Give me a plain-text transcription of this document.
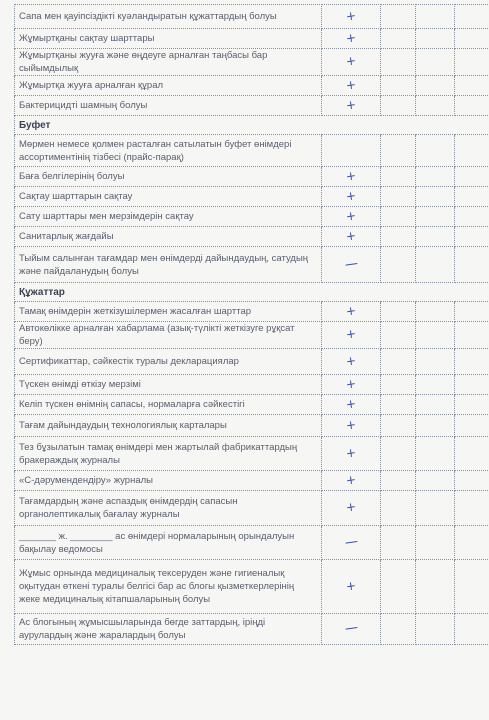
Сапа мен қауіпсіздікті куәландыратын құжаттардың болуы	+			
Жұмыртқаны сақтау шарттары	+			
Жұмыртқаны жууға және өңдеуге арналған таңбасы бар сыйымдылық	+			
Жұмыртқа жууға арналған құрал	+			
Бактерицидті шамның болуы	+			
Буфет				
Мөрмен немесе қолмен расталған сатылатын буфет өнімдері ассортиментінің тізбесі (прайс-парақ)				
Баға белгілерінің болуы	+			
Сақтау шарттарын сақтау	+			
Сату шарттары мен мерзімдерін сақтау	+			
Санитарлық жағдайы	+			
Тыйым салынған тағамдар мен өнімдерді дайындаудың, сатудың және пайдаланудың болуы	—			
Құжаттар				
Тамақ өнімдерін жеткізушілермен жасалған шарттар	+			
Автокөлікке арналған хабарлама (азық-түлікті жеткізуге рұқсат беру)	+			
Сертификаттар, сәйкестік туралы декларациялар	+			
Түскен өнімді өткізу мерзімі	+			
Келіп түскен өнімнің сапасы, нормаларға сәйкестігі	+			
Тағам дайындаудың технологиялық карталары	+			
Тез бұзылатын тамақ өнімдері мен жартылай фабрикаттардың бракераждық журналы	+			
«С-дәрумендендіру» журналы	+			
Тағамдардың және аспаздық өнімдердің сапасын органолептикалық бағалау журналы	+			
_______ ж. ________ ас өнімдері нормаларының орындалуын бақылау ведомосы	—			
Жұмыс орнында медициналық тексеруден және гигиеналық оқытудан өткені туралы белгісі бар ас блогы қызметкерлерінің жеке медициналық кітапшаларының болуы	+			
Ас блогының жұмысшыларында бөгде заттардың, іріңді аурулардың және жаралардың болуы	—			
